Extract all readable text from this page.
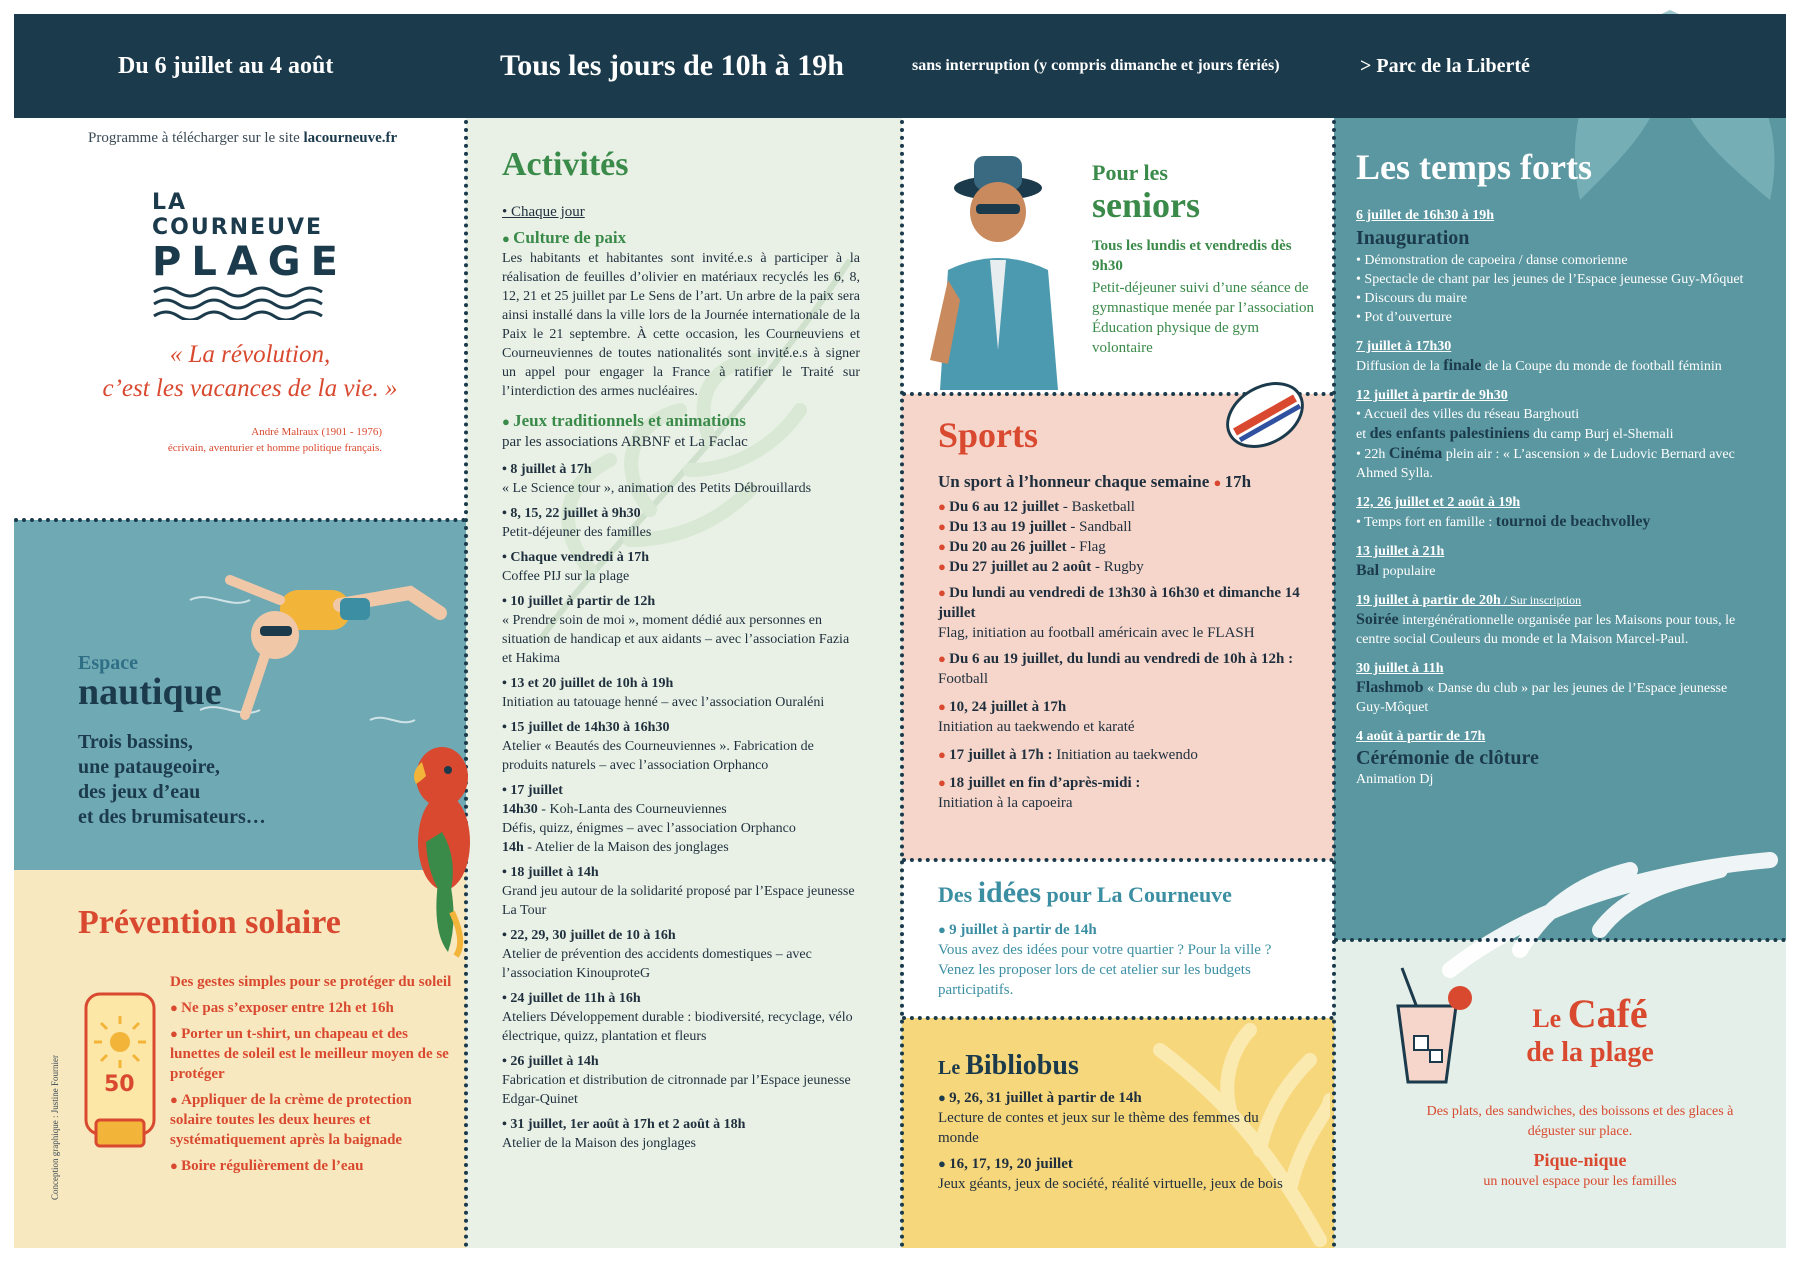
Du 6 juillet au 4 août	Tous les jours de 10h à 19h	sans interruption (y compris dimanche et jours fériés)	> Parc de la Liberté
Programme à télécharger sur le site lacourneuve.fr
LA COURNEUVE
PLAGE
« La révolution,
c’est les vacances de la vie. »
André Malraux (1901 - 1976)
écrivain, aventurier et homme politique français.
Espace
nautique
Trois bassins,
une pataugeoire,
des jeux d’eau
et des brumisateurs…
Prévention solaire
50
Des gestes simples pour se protéger du soleil
● Ne pas s’exposer entre 12h et 16h
● Porter un t-shirt, un chapeau et des lunettes de soleil est le meilleur moyen de se protéger
● Appliquer de la crème de protection solaire toutes les deux heures et systématiquement après la baignade
● Boire régulièrement de l’eau
Conception graphique : Justine Fournier
Activités
• Chaque jour
● Culture de paix
Les habitants et habitantes sont invité.e.s à participer à la réalisation de feuilles d’olivier en matériaux recyclés les 6, 8, 12, 21 et 25 juillet par Le Sens de l’art. Un arbre de la paix sera ainsi installé dans la ville lors de la Journée internationale de la Paix le 21 septembre. À cette occasion, les Courneuviens et Courneuviennes de toutes nationalités sont invité.e.s à signer un appel pour engager la France à ratifier le Traité sur l’interdiction des armes nucléaires.
● Jeux traditionnels et animations
par les associations ARBNF et La Faclac
• 8 juillet à 17h
« Le Science tour », animation des Petits Débrouillards
• 8, 15, 22 juillet à 9h30
Petit-déjeuner des familles
• Chaque vendredi à 17h
Coffee PIJ sur la plage
• 10 juillet à partir de 12h
« Prendre soin de moi », moment dédié aux personnes en situation de handicap et aux aidants – avec l’association Fazia et Hakima
• 13 et 20 juillet de 10h à 19h
Initiation au tatouage henné – avec l’association Ouraléni
• 15 juillet de 14h30 à 16h30
Atelier « Beautés des Courneuviennes ». Fabrication de produits naturels – avec l’association Orphanco
• 17 juillet
14h30 - Koh-Lanta des Courneuviennes
Défis, quizz, énigmes – avec l’association Orphanco
14h - Atelier de la Maison des jonglages
• 18 juillet à 14h
Grand jeu autour de la solidarité proposé par l’Espace jeunesse La Tour
• 22, 29, 30 juillet de 10 à 16h
Atelier de prévention des accidents domestiques – avec l’association KinouproteG
• 24 juillet de 11h à 16h
Ateliers Développement durable : biodiversité, recyclage, vélo électrique, quizz, plantation et fleurs
• 26 juillet à 14h
Fabrication et distribution de citronnade par l’Espace jeunesse Edgar-Quinet
• 31 juillet, 1er août à 17h et 2 août à 18h
Atelier de la Maison des jonglages
Pour les
seniors
Tous les lundis et vendredis dès 9h30
Petit-déjeuner suivi d’une séance de gymnastique menée par l’association Éducation physique de gym volontaire
Sports
Un sport à l’honneur chaque semaine ● 17h
● Du 6 au 12 juillet - Basketball
● Du 13 au 19 juillet - Sandball
● Du 20 au 26 juillet - Flag
● Du 27 juillet au 2 août - Rugby
● Du lundi au vendredi de 13h30 à 16h30 et dimanche 14 juillet
Flag, initiation au football américain avec le FLASH
● Du 6 au 19 juillet, du lundi au vendredi de 10h à 12h : Football
● 10, 24 juillet à 17h
Initiation au taekwendo et karaté
● 17 juillet à 17h : Initiation au taekwendo
● 18 juillet en fin d’après-midi :
Initiation à la capoeira
Des idées pour La Courneuve
● 9 juillet à partir de 14h
Vous avez des idées pour votre quartier ? Pour la ville ? Venez les proposer lors de cet atelier sur les budgets participatifs.
Le Bibliobus
● 9, 26, 31 juillet à partir de 14h
Lecture de contes et jeux sur le thème des femmes du monde
● 16, 17, 19, 20 juillet
Jeux géants, jeux de société, réalité virtuelle, jeux de bois
Les temps forts
6 juillet de 16h30 à 19h
Inauguration
• Démonstration de capoeira / danse comorienne
• Spectacle de chant par les jeunes de l’Espace jeunesse Guy-Môquet
• Discours du maire
• Pot d’ouverture
7 juillet à 17h30
Diffusion de la finale de la Coupe du monde de football féminin
12 juillet à partir de 9h30
• Accueil des villes du réseau Barghouti
et des enfants palestiniens du camp Burj el-Shemali
• 22h Cinéma plein air : « L’ascension » de Ludovic Bernard avec Ahmed Sylla.
12, 26 juillet et 2 août à 19h
• Temps fort en famille : tournoi de beachvolley
13 juillet à 21h
Bal populaire
19 juillet à partir de 20h / Sur inscription
Soirée intergénérationnelle organisée par les Maisons pour tous, le centre social Couleurs du monde et la Maison Marcel-Paul.
30 juillet à 11h
Flashmob « Danse du club » par les jeunes de l’Espace jeunesse Guy-Môquet
4 août à partir de 17h
Cérémonie de clôture
Animation Dj
Le Café
de la plage
Des plats, des sandwiches, des boissons et des glaces à déguster sur place.
Pique-nique
un nouvel espace pour les familles
